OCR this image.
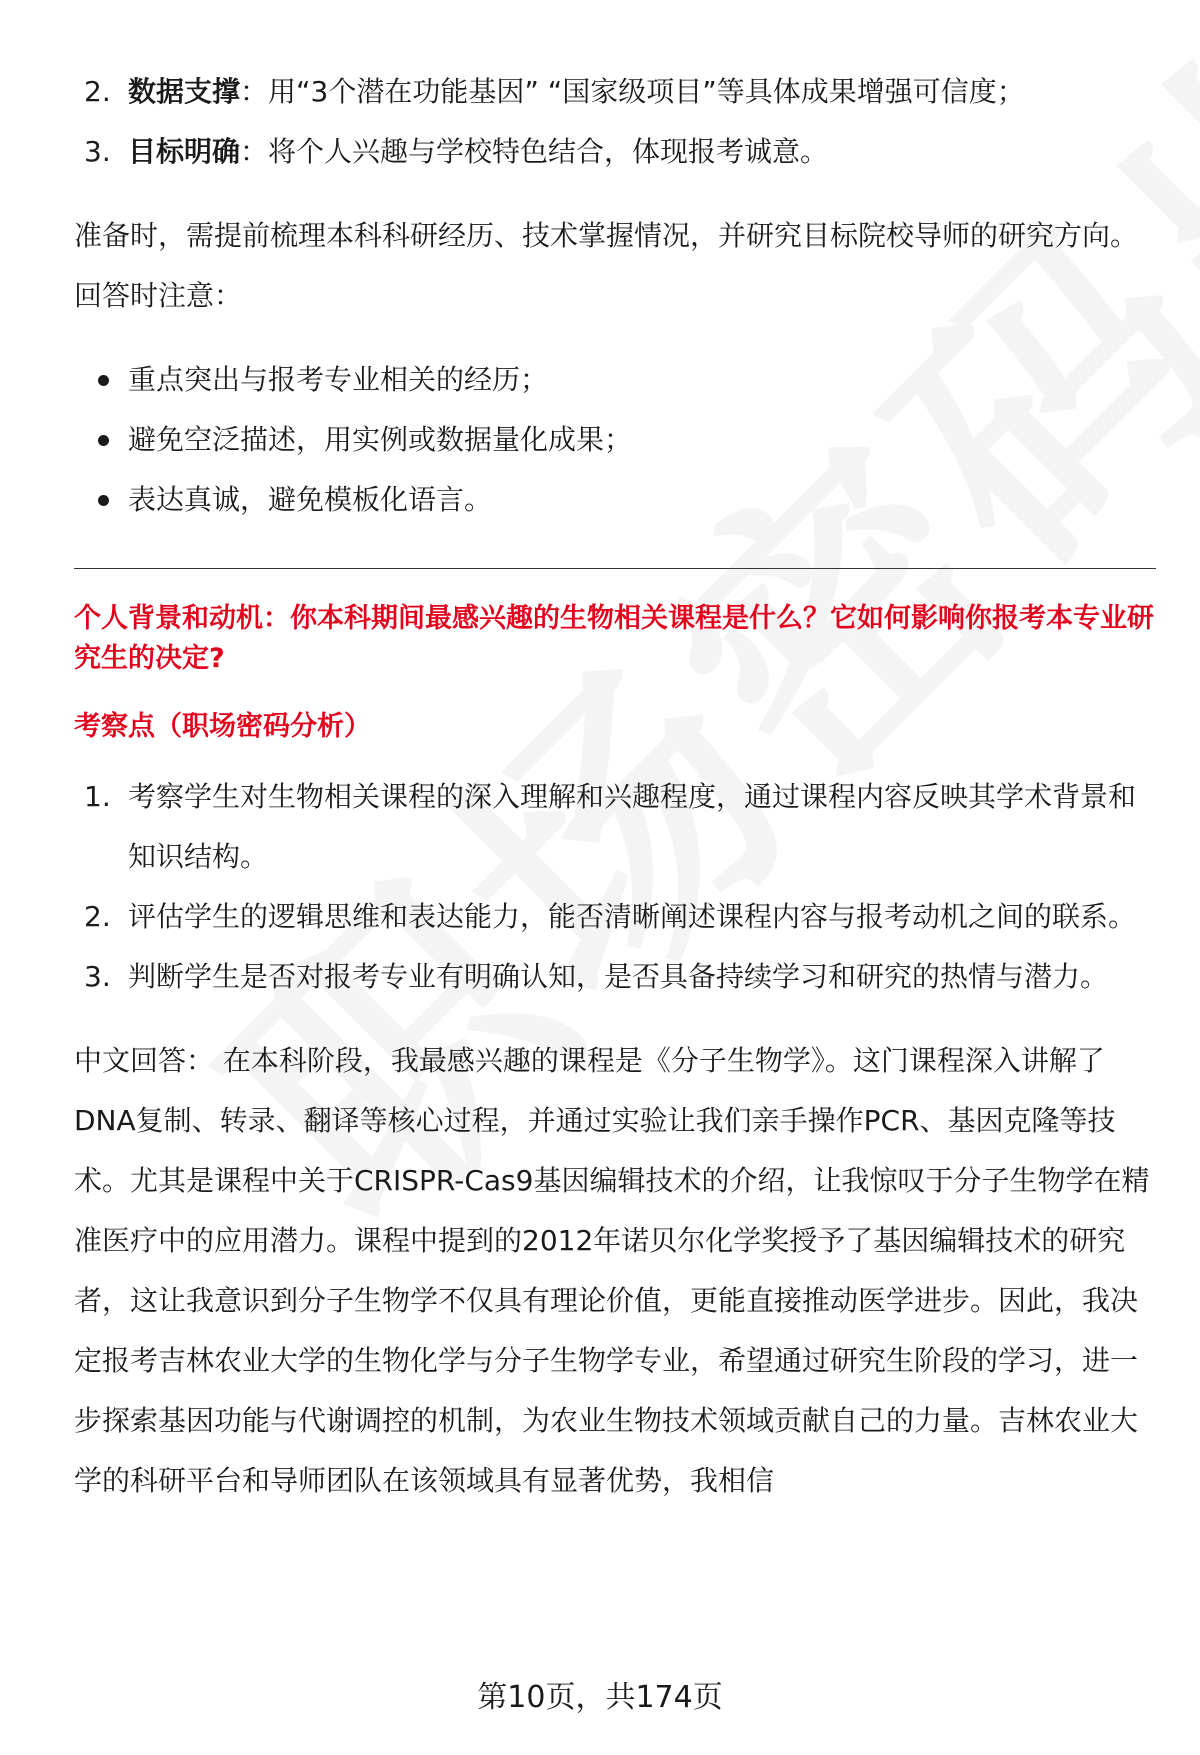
2. 数据支撑：用“3个潜在功能基因” “国家级项目”等具体成果增强可信度；
3. 目标明确：将个人兴趣与学校特色结合，体现报考诚意。
准备时，需提前梳理本科科研经历、技术掌握情况，并研究目标院校导师的研究方向。回答时注意：
重点突出与报考专业相关的经历；
避免空泛描述，用实例或数据量化成果；
表达真诚，避免模板化语言。
个人背景和动机：你本科期间最感兴趣的生物相关课程是什么？它如何影响你报考本专业研究生的决定?
考察点（职场密码分析）
1. 考察学生对生物相关课程的深入理解和兴趣程度，通过课程内容反映其学术背景和知识结构。
2. 评估学生的逻辑思维和表达能力，能否清晰阐述课程内容与报考动机之间的联系。
3. 判断学生是否对报考专业有明确认知，是否具备持续学习和研究的热情与潜力。
中文回答： 在本科阶段，我最感兴趣的课程是《分子生物学》。这门课程深入讲解了DNA复制、转录、翻译等核心过程，并通过实验让我们亲手操作PCR、基因克隆等技术。尤其是课程中关于CRISPR-Cas9基因编辑技术的介绍，让我惊叹于分子生物学在精准医疗中的应用潜力。课程中提到的2012年诺贝尔化学奖授予了基因编辑技术的研究者，这让我意识到分子生物学不仅具有理论价值，更能直接推动医学进步。因此，我决定报考吉林农业大学的生物化学与分子生物学专业，希望通过研究生阶段的学习，进一步探索基因功能与代谢调控的机制，为农业生物技术领域贡献自己的力量。吉林农业大学的科研平台和导师团队在该领域具有显著优势，我相信
第10页，共174页
